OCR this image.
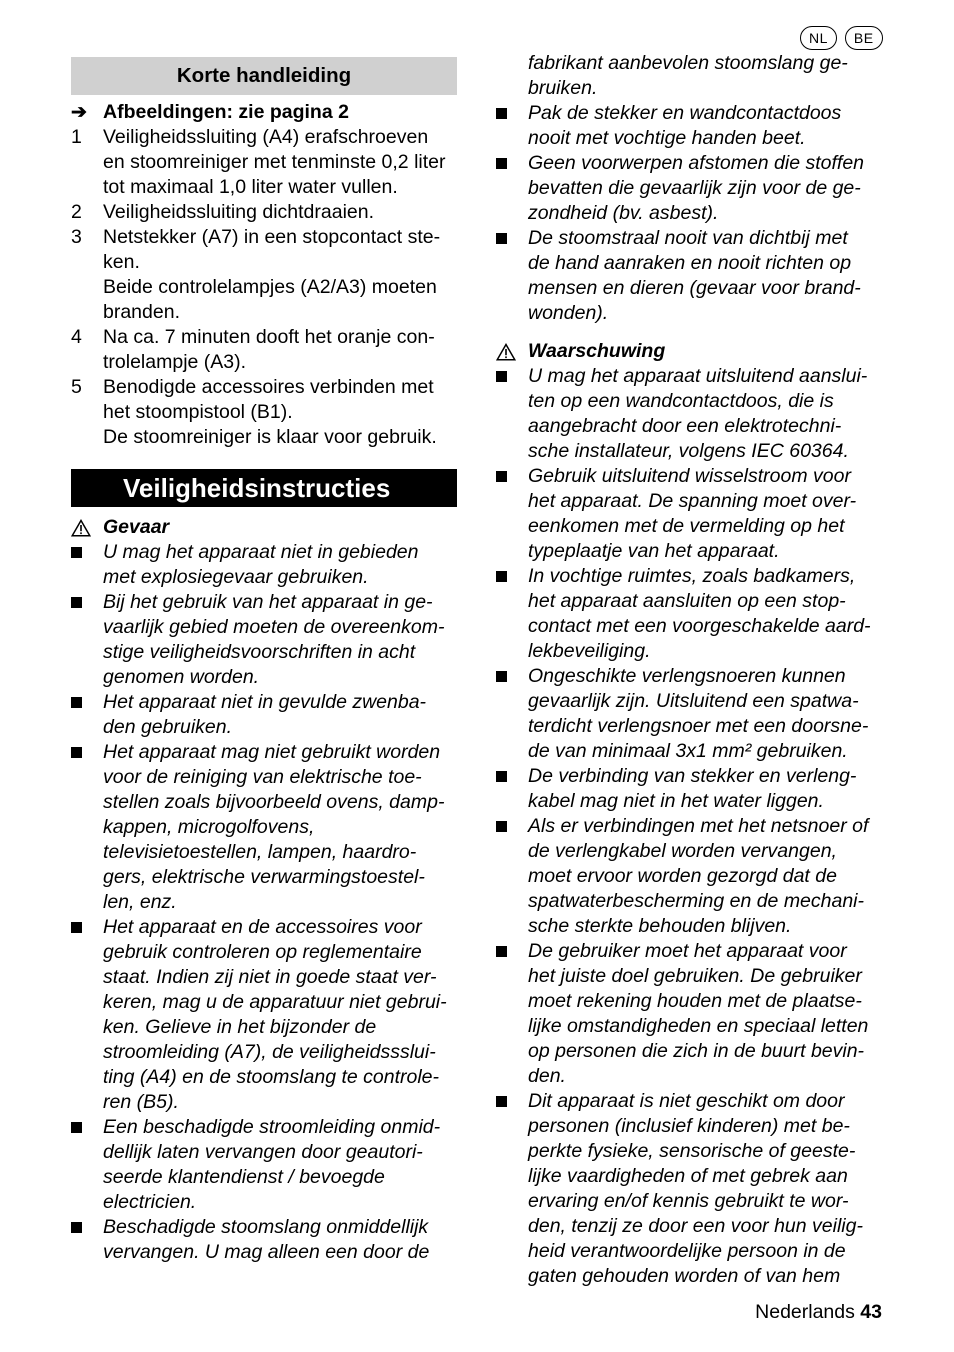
NL	BE
Korte handleiding
➔ Afbeeldingen: zie pagina 2
1	Veiligheidssluiting (A4) erafschroeven
en stoomreiniger met tenminste 0,2 liter
tot maximaal 1,0 liter water vullen.
2	Veiligheidssluiting dichtdraaien.
3	Netstekker (A7) in een stopcontact ste-
ken.
Beide controlelampjes (A2/A3) moeten
branden.
4	Na ca. 7 minuten dooft het oranje con-
trolelampje (A3).
5	Benodigde accessoires verbinden met
het stoompistool (B1).
De stoomreiniger is klaar voor gebruik.
Veiligheidsinstructies
Gevaar
U mag het apparaat niet in gebieden
met explosiegevaar gebruiken.
Bij het gebruik van het apparaat in ge-
vaarlijk gebied moeten de overeenkom-
stige veiligheidsvoorschriften in acht
genomen worden.
Het apparaat niet in gevulde zwenba-
den gebruiken.
Het apparaat mag niet gebruikt worden
voor de reiniging van elektrische toe-
stellen zoals bijvoorbeeld ovens, damp-
kappen, microgolfovens,
televisietoestellen, lampen, haardro-
gers, elektrische verwarmingstoestel-
len, enz.
Het apparaat en de accessoires voor
gebruik controleren op reglementaire
staat. Indien zij niet in goede staat ver-
keren, mag u de apparatuur niet gebrui-
ken. Gelieve in het bijzonder de
stroomleiding (A7), de veiligheidssslui-
ting (A4) en de stoomslang te controle-
ren (B5).
Een beschadigde stroomleiding onmid-
dellijk laten vervangen door geautori-
seerde klantendienst / bevoegde
electricien.
Beschadigde stoomslang onmiddellijk
vervangen. U mag alleen een door de
fabrikant aanbevolen stoomslang ge-
bruiken.
Pak de stekker en wandcontactdoos
nooit met vochtige handen beet.
Geen voorwerpen afstomen die stoffen
bevatten die gevaarlijk zijn voor de ge-
zondheid (bv. asbest).
De stoomstraal nooit van dichtbij met
de hand aanraken en nooit richten op
mensen en dieren (gevaar voor brand-
wonden).
Waarschuwing
U mag het apparaat uitsluitend aanslui-
ten op een wandcontactdoos, die is
aangebracht door een elektrotechni-
sche installateur, volgens IEC 60364.
Gebruik uitsluitend wisselstroom voor
het apparaat. De spanning moet over-
eenkomen met de vermelding op het
typeplaatje van het apparaat.
In vochtige ruimtes, zoals badkamers,
het apparaat aansluiten op een stop-
contact met een voorgeschakelde aard-
lekbeveiliging.
Ongeschikte verlengsnoeren kunnen
gevaarlijk zijn. Uitsluitend een spatwa-
terdicht verlengsnoer met een doorsne-
de van minimaal 3x1 mm² gebruiken.
De verbinding van stekker en verleng-
kabel mag niet in het water liggen.
Als er verbindingen met het netsnoer of
de verlengkabel worden vervangen,
moet ervoor worden gezorgd dat de
spatwaterbescherming en de mechani-
sche sterkte behouden blijven.
De gebruiker moet het apparaat voor
het juiste doel gebruiken. De gebruiker
moet rekening houden met de plaatse-
lijke omstandigheden en speciaal letten
op personen die zich in de buurt bevin-
den.
Dit apparaat is niet geschikt om door
personen (inclusief kinderen) met be-
perkte fysieke, sensorische of geeste-
lijke vaardigheden of met gebrek aan
ervaring en/of kennis gebruikt te wor-
den, tenzij ze door een voor hun veilig-
heid verantwoordelijke persoon in de
gaten gehouden worden of van hem
Nederlands 43
